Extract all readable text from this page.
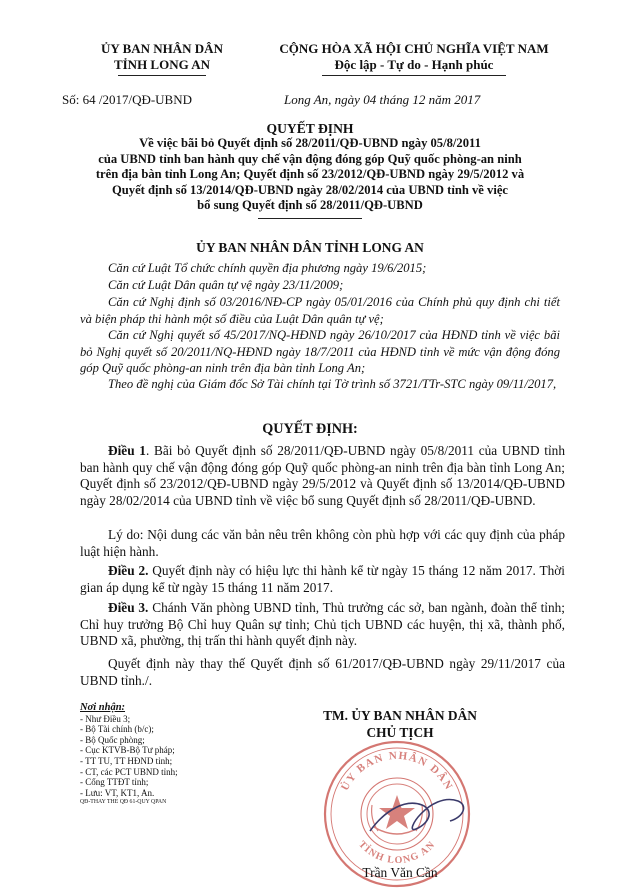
ỦY BAN NHÂN DÂN
TỈNH LONG AN
CỘNG HÒA XÃ HỘI CHỦ NGHĨA VIỆT NAM
Độc lập - Tự do - Hạnh phúc
Số: 64 /2017/QĐ-UBND	Long An, ngày 04 tháng 12 năm 2017
QUYẾT ĐỊNH
Về việc bãi bỏ Quyết định số 28/2011/QĐ-UBND ngày 05/8/2011
của UBND tỉnh ban hành quy chế vận động đóng góp Quỹ quốc phòng-an ninh
trên địa bàn tỉnh Long An; Quyết định số 23/2012/QĐ-UBND ngày 29/5/2012 và
Quyết định số 13/2014/QĐ-UBND ngày 28/02/2014 của UBND tỉnh về việc
bổ sung Quyết định số 28/2011/QĐ-UBND
ỦY BAN NHÂN DÂN TỈNH LONG AN
Căn cứ Luật Tổ chức chính quyền địa phương ngày 19/6/2015;
Căn cứ Luật Dân quân tự vệ ngày 23/11/2009;
Căn cứ Nghị định số 03/2016/NĐ-CP ngày 05/01/2016 của Chính phủ quy định chi tiết và biện pháp thi hành một số điều của Luật Dân quân tự vệ;
Căn cứ Nghị quyết số 45/2017/NQ-HĐND ngày 26/10/2017 của HĐND tỉnh về việc bãi bỏ Nghị quyết số 20/2011/NQ-HĐND ngày 18/7/2011 của HĐND tỉnh về mức vận động đóng góp Quỹ quốc phòng-an ninh trên địa bàn tỉnh Long An;
Theo đề nghị của Giám đốc Sở Tài chính tại Tờ trình số 3721/TTr-STC ngày 09/11/2017,
QUYẾT ĐỊNH:
Điều 1. Bãi bỏ Quyết định số 28/2011/QĐ-UBND ngày 05/8/2011 của UBND tỉnh ban hành quy chế vận động đóng góp Quỹ quốc phòng-an ninh trên địa bàn tỉnh Long An; Quyết định số 23/2012/QĐ-UBND ngày 29/5/2012 và Quyết định số 13/2014/QĐ-UBND ngày 28/02/2014 của UBND tỉnh về việc bổ sung Quyết định số 28/2011/QĐ-UBND.
Lý do: Nội dung các văn bản nêu trên không còn phù hợp với các quy định của pháp luật hiện hành.
Điều 2. Quyết định này có hiệu lực thi hành kể từ ngày 15 tháng 12 năm 2017. Thời gian áp dụng kể từ ngày 15 tháng 11 năm 2017.
Điều 3. Chánh Văn phòng UBND tỉnh, Thủ trưởng các sở, ban ngành, đoàn thể tỉnh; Chỉ huy trưởng Bộ Chỉ huy Quân sự tỉnh; Chủ tịch UBND các huyện, thị xã, thành phố, UBND xã, phường, thị trấn thi hành quyết định này.
Quyết định này thay thế Quyết định số 61/2017/QĐ-UBND ngày 29/11/2017 của UBND tỉnh./.
Nơi nhận:
- Như Điều 3;
- Bộ Tài chính (b/c);
- Bộ Quốc phòng;
- Cục KTVB-Bộ Tư pháp;
- TT TU, TT HĐND tỉnh;
- CT, các PCT UBND tỉnh;
- Cổng TTĐT tỉnh;
- Lưu: VT, KT1, An.
QĐ-THAY THE QĐ 61-QUY QPAN
TM. ỦY BAN NHÂN DÂN
CHỦ TỊCH
ỦY BAN NHÂN DÂN
TỈNH LONG AN
Trần Văn Cần
